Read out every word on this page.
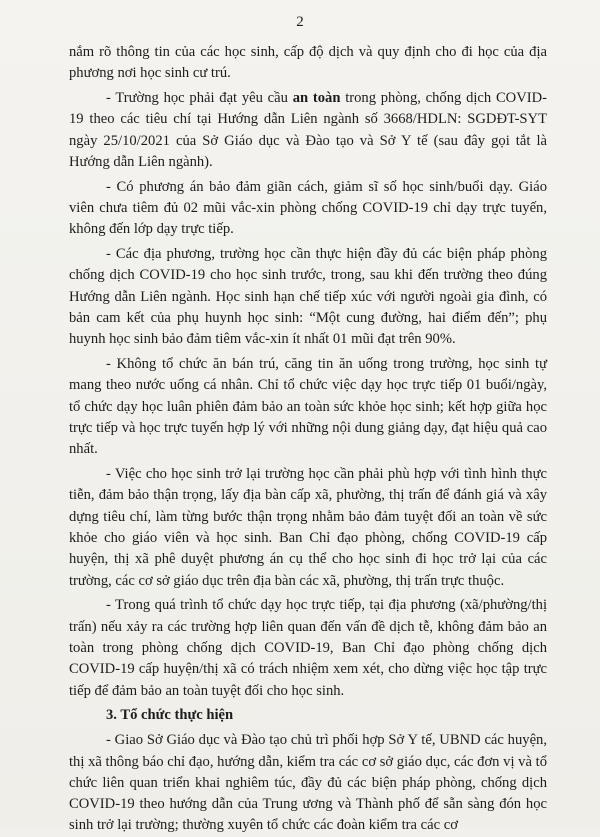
2

nắm rõ thông tin của các học sinh, cấp độ dịch và quy định cho đi học của địa phương nơi học sinh cư trú.

- Trường học phải đạt yêu cầu an toàn trong phòng, chống dịch COVID-19 theo các tiêu chí tại Hướng dẫn Liên ngành số 3668/HDLN: SGDĐT-SYT ngày 25/10/2021 của Sở Giáo dục và Đào tạo và Sở Y tế (sau đây gọi tắt là Hướng dẫn Liên ngành).

- Có phương án bảo đảm giãn cách, giảm sĩ số học sinh/buổi dạy. Giáo viên chưa tiêm đủ 02 mũi vắc-xin phòng chống COVID-19 chỉ dạy trực tuyến, không đến lớp dạy trực tiếp.

- Các địa phương, trường học cần thực hiện đầy đủ các biện pháp phòng chống dịch COVID-19 cho học sinh trước, trong, sau khi đến trường theo đúng Hướng dẫn Liên ngành. Học sinh hạn chế tiếp xúc với người ngoài gia đình, có bản cam kết của phụ huynh học sinh: “Một cung đường, hai điểm đến”; phụ huynh học sinh bảo đảm tiêm vắc-xin ít nhất 01 mũi đạt trên 90%.

- Không tổ chức ăn bán trú, căng tin ăn uống trong trường, học sinh tự mang theo nước uống cá nhân. Chỉ tổ chức việc dạy học trực tiếp 01 buổi/ngày, tổ chức dạy học luân phiên đảm bảo an toàn sức khỏe học sinh; kết hợp giữa học trực tiếp và học trực tuyến hợp lý với những nội dung giảng dạy, đạt hiệu quả cao nhất.

- Việc cho học sinh trở lại trường học cần phải phù hợp với tình hình thực tiễn, đảm bảo thận trọng, lấy địa bàn cấp xã, phường, thị trấn để đánh giá và xây dựng tiêu chí, làm từng bước thận trọng nhằm bảo đảm tuyệt đối an toàn về sức khỏe cho giáo viên và học sinh. Ban Chỉ đạo phòng, chống COVID-19 cấp huyện, thị xã phê duyệt phương án cụ thể cho học sinh đi học trở lại của các trường, các cơ sở giáo dục trên địa bàn các xã, phường, thị trấn trực thuộc.

- Trong quá trình tổ chức dạy học trực tiếp, tại địa phương (xã/phường/thị trấn) nếu xảy ra các trường hợp liên quan đến vấn đề dịch tễ, không đảm bảo an toàn trong phòng chống dịch COVID-19, Ban Chỉ đạo phòng chống dịch COVID-19 cấp huyện/thị xã có trách nhiệm xem xét, cho dừng việc học tập trực tiếp để đảm bảo an toàn tuyệt đối cho học sinh.

3. Tổ chức thực hiện

- Giao Sở Giáo dục và Đào tạo chủ trì phối hợp Sở Y tế, UBND các huyện, thị xã thông báo chỉ đạo, hướng dẫn, kiểm tra các cơ sở giáo dục, các đơn vị và tổ chức liên quan triển khai nghiêm túc, đầy đủ các biện pháp phòng, chống dịch COVID-19 theo hướng dẫn của Trung ương và Thành phố để sẵn sàng đón học sinh trở lại trường; thường xuyên tổ chức các đoàn kiểm tra các cơ
